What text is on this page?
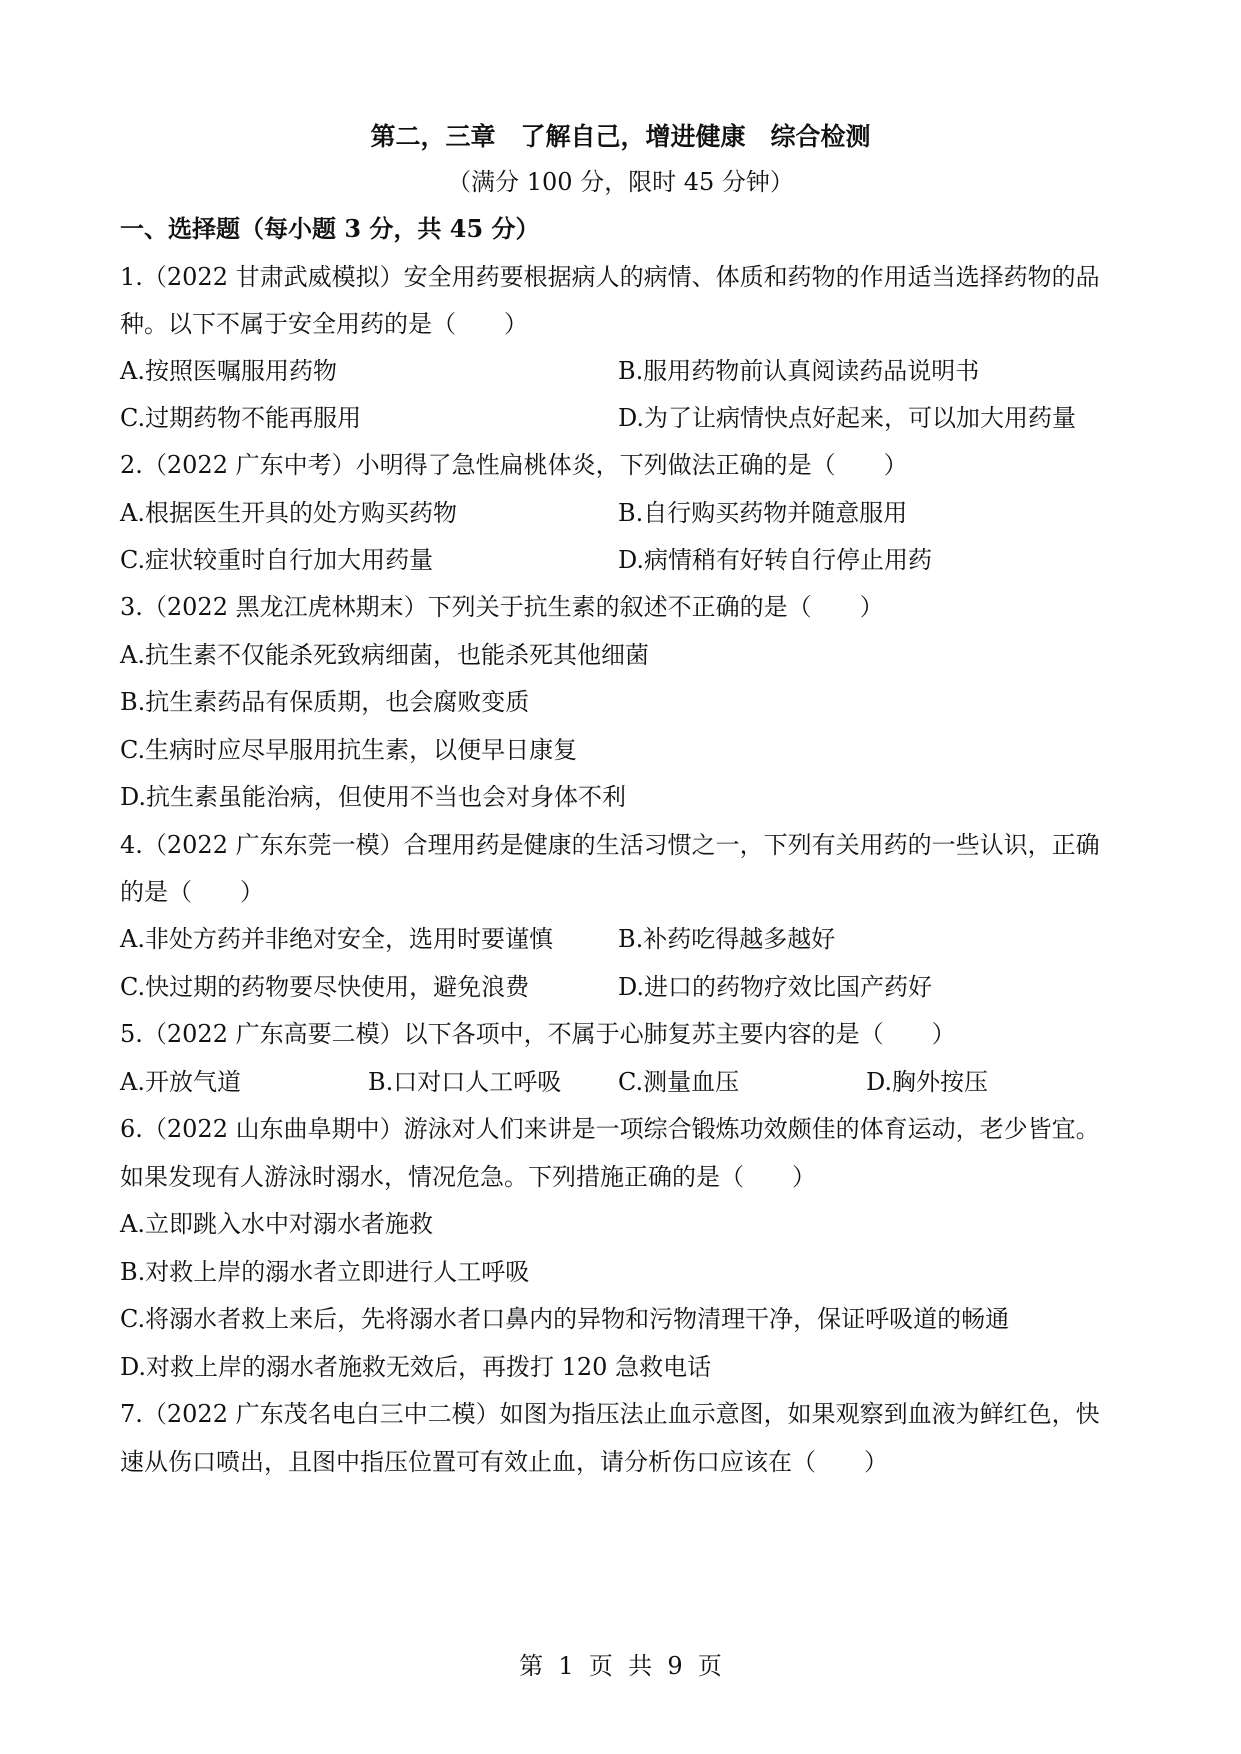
第二，三章　了解自己，增进健康　综合检测
（满分 100 分，限时 45 分钟）
一、选择题（每小题 3 分，共 45 分）
1.（2022 甘肃武威模拟）安全用药要根据病人的病情、体质和药物的作用适当选择药物的品
种。以下不属于安全用药的是（　　）
A.按照医嘱服用药物	B.服用药物前认真阅读药品说明书
C.过期药物不能再服用	D.为了让病情快点好起来，可以加大用药量
2.（2022 广东中考）小明得了急性扁桃体炎，下列做法正确的是（　　）
A.根据医生开具的处方购买药物	B.自行购买药物并随意服用
C.症状较重时自行加大用药量	D.病情稍有好转自行停止用药
3.（2022 黑龙江虎林期末）下列关于抗生素的叙述不正确的是（　　）
A.抗生素不仅能杀死致病细菌，也能杀死其他细菌
B.抗生素药品有保质期，也会腐败变质
C.生病时应尽早服用抗生素，以便早日康复
D.抗生素虽能治病，但使用不当也会对身体不利
4.（2022 广东东莞一模）合理用药是健康的生活习惯之一，下列有关用药的一些认识，正确
的是（　　）
A.非处方药并非绝对安全，选用时要谨慎	B.补药吃得越多越好
C.快过期的药物要尽快使用，避免浪费	D.进口的药物疗效比国产药好
5.（2022 广东高要二模）以下各项中，不属于心肺复苏主要内容的是（　　）
A.开放气道	B.口对口人工呼吸 C.测量血压	D.胸外按压
6.（2022 山东曲阜期中）游泳对人们来讲是一项综合锻炼功效颇佳的体育运动，老少皆宜。
如果发现有人游泳时溺水，情况危急。下列措施正确的是（　　）
A.立即跳入水中对溺水者施救
B.对救上岸的溺水者立即进行人工呼吸
C.将溺水者救上来后，先将溺水者口鼻内的异物和污物清理干净，保证呼吸道的畅通
D.对救上岸的溺水者施救无效后，再拨打 120 急救电话
7.（2022 广东茂名电白三中二模）如图为指压法止血示意图，如果观察到血液为鲜红色，快
速从伤口喷出，且图中指压位置可有效止血，请分析伤口应该在（　　）
第  1  页  共  9  页
